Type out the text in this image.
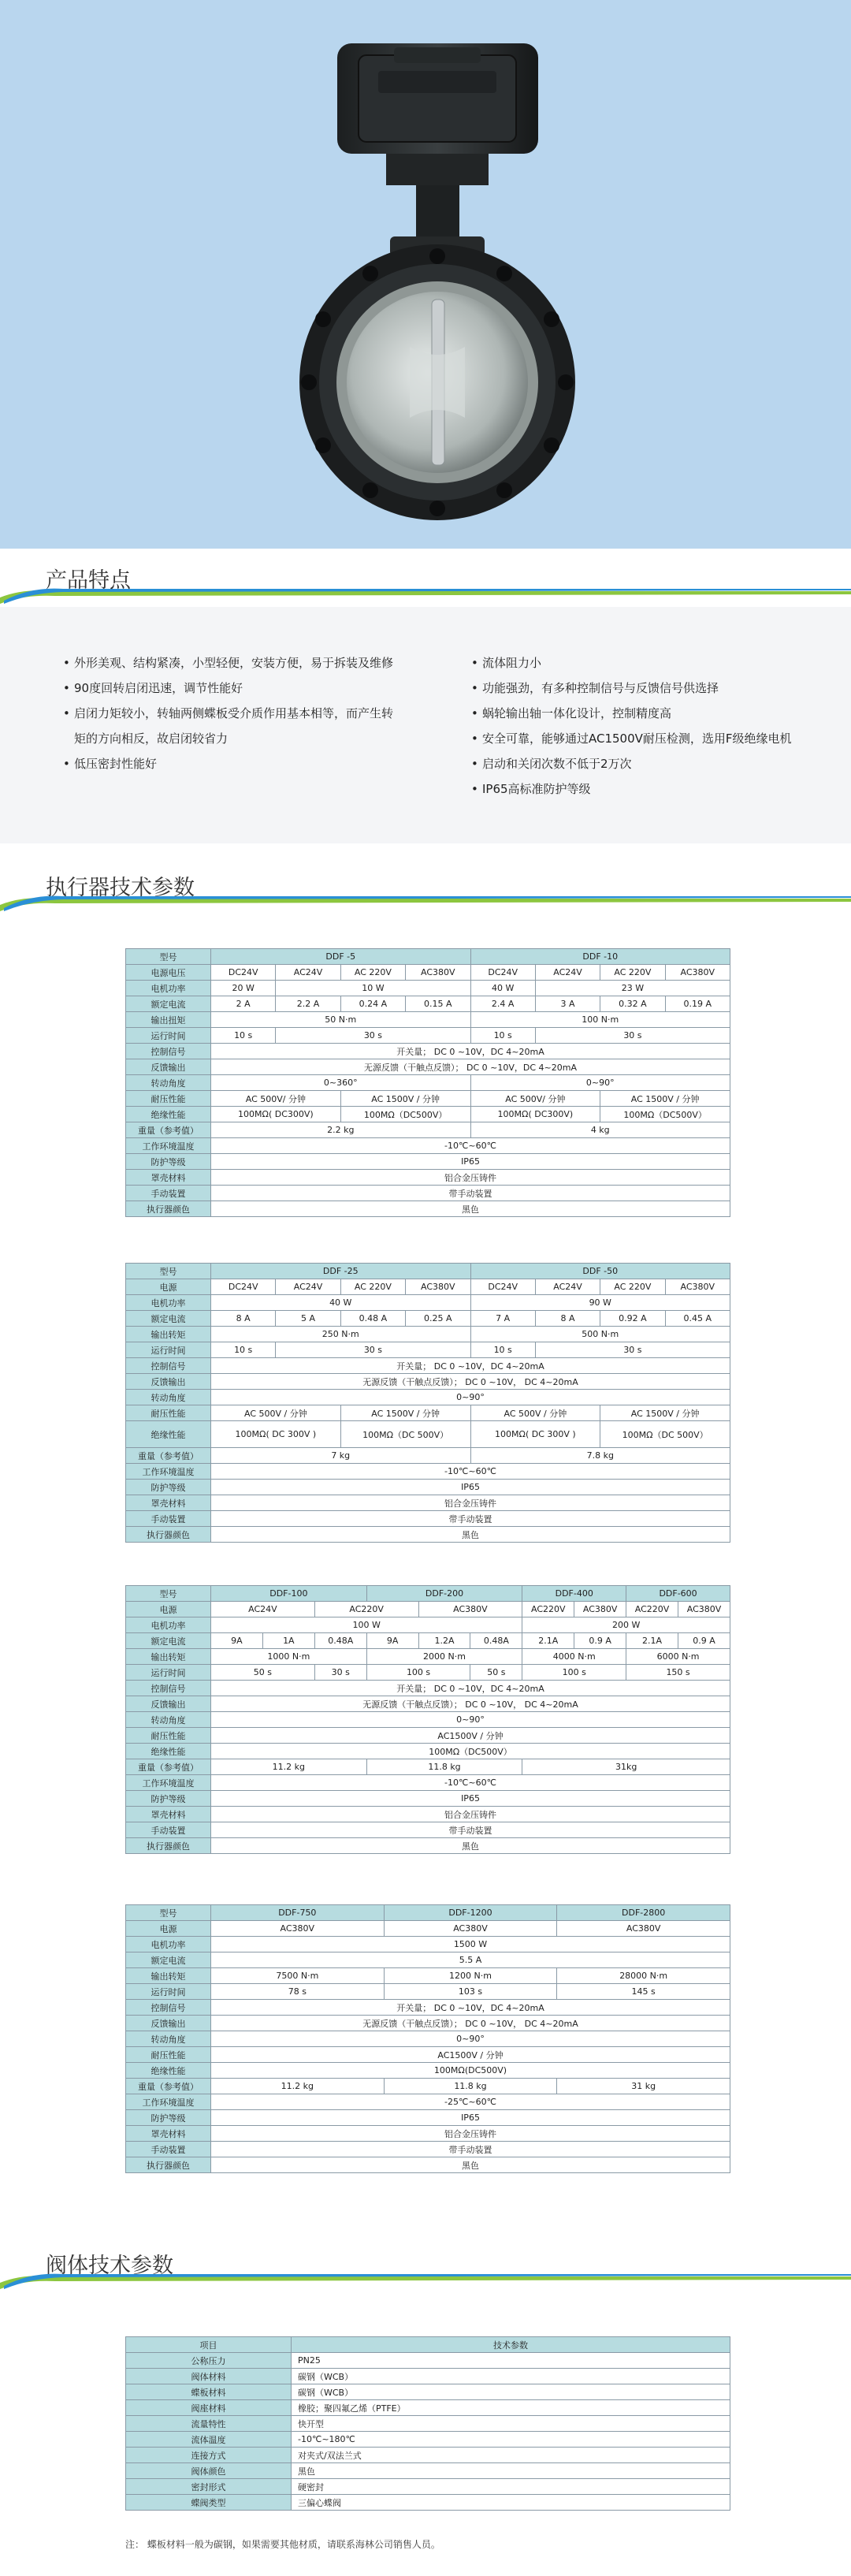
产品特点
• 外形美观、结构紧凑，小型轻便，安装方便，易于拆装及维修
• 90度回转启闭迅速，调节性能好
• 启闭力矩较小，转轴两侧蝶板受介质作用基本相等，而产生转矩的方向相反，故启闭较省力
• 低压密封性能好
• 流体阻力小
• 功能强劲，有多种控制信号与反馈信号供选择
• 蜗轮输出轴一体化设计，控制精度高
• 安全可靠，能够通过AC1500V耐压检测，选用F级绝缘电机
• 启动和关闭次数不低于2万次
• IP65高标准防护等级
执行器技术参数
型号	DDF -5				DDF -10			
电源电压	DC24V	AC24V	AC 220V	AC380V	DC24V	AC24V	AC 220V	AC380V
电机功率	20 W	10 W			40 W	23 W		
额定电流	2 A	2.2 A	0.24 A	0.15 A	2.4 A	3 A	0.32 A	0.19 A
输出扭矩	50 N·m				100 N·m			
运行时间	10 s	30 s			10 s	30 s		
控制信号	开关量； DC 0 ~10V，DC 4~20mA							
反馈输出	无源反馈（干触点反馈）； DC 0 ~10V，DC 4~20mA							
转动角度	0~360°				0~90°			
耐压性能	AC 500V/ 分钟		AC 1500V / 分钟		AC 500V/ 分钟		AC 1500V / 分钟	
绝缘性能	100MΩ( DC300V)		100MΩ（DC500V）		100MΩ( DC300V)		100MΩ（DC500V）	
重量（参考值）	2.2 kg				4 kg			
工作环境温度	-10℃~60℃							
防护等级	IP65							
罩壳材料	铝合金压铸件							
手动装置	带手动装置							
执行器颜色	黑色							
型号	DDF -25				DDF -50			
电源	DC24V	AC24V	AC 220V	AC380V	DC24V	AC24V	AC 220V	AC380V
电机功率	40 W				90 W			
额定电流	8 A	5 A	0.48 A	0.25 A	7 A	8 A	0.92 A	0.45 A
输出转矩	250 N·m				500 N·m			
运行时间	10 s	30 s			10 s	30 s		
控制信号	开关量； DC 0 ~10V，DC 4~20mA							
反馈输出	无源反馈（干触点反馈）； DC 0 ~10V， DC 4~20mA							
转动角度	0~90°							
耐压性能	AC 500V / 分钟		AC 1500V / 分钟		AC 500V / 分钟		AC 1500V / 分钟	
绝缘性能	100MΩ( DC 300V )		100MΩ（DC 500V）		100MΩ( DC 300V )		100MΩ（DC 500V）	
重量（参考值）	7 kg				7.8 kg			
工作环境温度	-10℃~60℃							
防护等级	IP65							
罩壳材料	铝合金压铸件							
手动装置	带手动装置							
执行器颜色	黑色							
型号	DDF-100			DDF-200			DDF-400		DDF-600	
电源	AC24V		AC220V		AC380V		AC220V	AC380V	AC220V	AC380V
电机功率	100 W						200 W			
额定电流	9A	1A	0.48A	9A	1.2A	0.48A	2.1A	0.9 A	2.1A	0.9 A
输出转矩	1000 N·m			2000 N·m			4000 N·m		6000 N·m	
运行时间	50 s		30 s	100 s		50 s	100 s		150 s	
控制信号	开关量； DC 0 ~10V，DC 4~20mA									
反馈输出	无源反馈（干触点反馈）； DC 0 ~10V， DC 4~20mA									
转动角度	0~90°									
耐压性能	AC1500V / 分钟									
绝缘性能	100MΩ（DC500V）									
重量（参考值）	11.2 kg			11.8 kg			31kg			
工作环境温度	-10℃~60℃									
防护等级	IP65									
罩壳材料	铝合金压铸件									
手动装置	带手动装置									
执行器颜色	黑色									
型号	DDF-750	DDF-1200	DDF-2800
电源	AC380V	AC380V	AC380V
电机功率	1500 W		
额定电流	5.5 A		
输出转矩	7500 N·m	1200 N·m	28000 N·m
运行时间	78 s	103 s	145 s
控制信号	开关量； DC 0 ~10V，DC 4~20mA		
反馈输出	无源反馈（干触点反馈）； DC 0 ~10V， DC 4~20mA		
转动角度	0~90°		
耐压性能	AC1500V / 分钟		
绝缘性能	100MΩ(DC500V)		
重量（参考值）	11.2 kg	11.8 kg	31 kg
工作环境温度	-25℃~60℃		
防护等级	IP65		
罩壳材料	铝合金压铸件		
手动装置	带手动装置		
执行器颜色	黑色		
阀体技术参数
项目	技术参数
公称压力	PN25
阀体材料	碳钢（WCB）
蝶板材料	碳钢（WCB）
阀座材料	橡胶；聚四氟乙烯（PTFE）
流量特性	快开型
流体温度	-10℃~180℃
连接方式	对夹式/双法兰式
阀体颜色	黑色
密封形式	硬密封
蝶阀类型	三偏心蝶阀
注： 蝶板材料一般为碳钢，如果需要其他材质，请联系海林公司销售人员。
